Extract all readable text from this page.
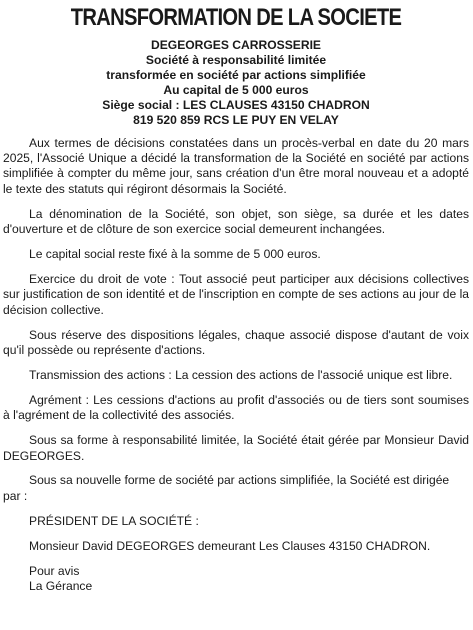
TRANSFORMATION DE LA SOCIETE
DEGEORGES CARROSSERIE
Société à responsabilité limitée
transformée en société par actions simplifiée
Au capital de 5 000 euros
Siège social : LES CLAUSES 43150 CHADRON
819 520 859 RCS LE PUY EN VELAY

Aux termes de décisions constatées dans un procès-verbal en date du 20 mars 2025, l'Associé Unique a décidé la transformation de la Société en société par actions simplifiée à compter du même jour, sans création d'un être moral nouveau et a adopté le texte des statuts qui régiront désormais la Société.

La dénomination de la Société, son objet, son siège, sa durée et les dates d'ouverture et de clôture de son exercice social demeurent inchangées.

Le capital social reste fixé à la somme de 5 000 euros.

Exercice du droit de vote : Tout associé peut participer aux décisions collectives sur justification de son identité et de l'inscription en compte de ses actions au jour de la décision collective.

Sous réserve des dispositions légales, chaque associé dispose d'autant de voix qu'il possède ou représente d'actions.

Transmission des actions : La cession des actions de l'associé unique est libre.

Agrément : Les cessions d'actions au profit d'associés ou de tiers sont soumises à l'agrément de la collectivité des associés.

Sous sa forme à responsabilité limitée, la Société était gérée par Monsieur David DEGEORGES.

Sous sa nouvelle forme de société par actions simplifiée, la Société est dirigée par :

PRÉSIDENT DE LA SOCIÉTÉ :

Monsieur David DEGEORGES demeurant Les Clauses 43150 CHADRON.

Pour avis
La Gérance
